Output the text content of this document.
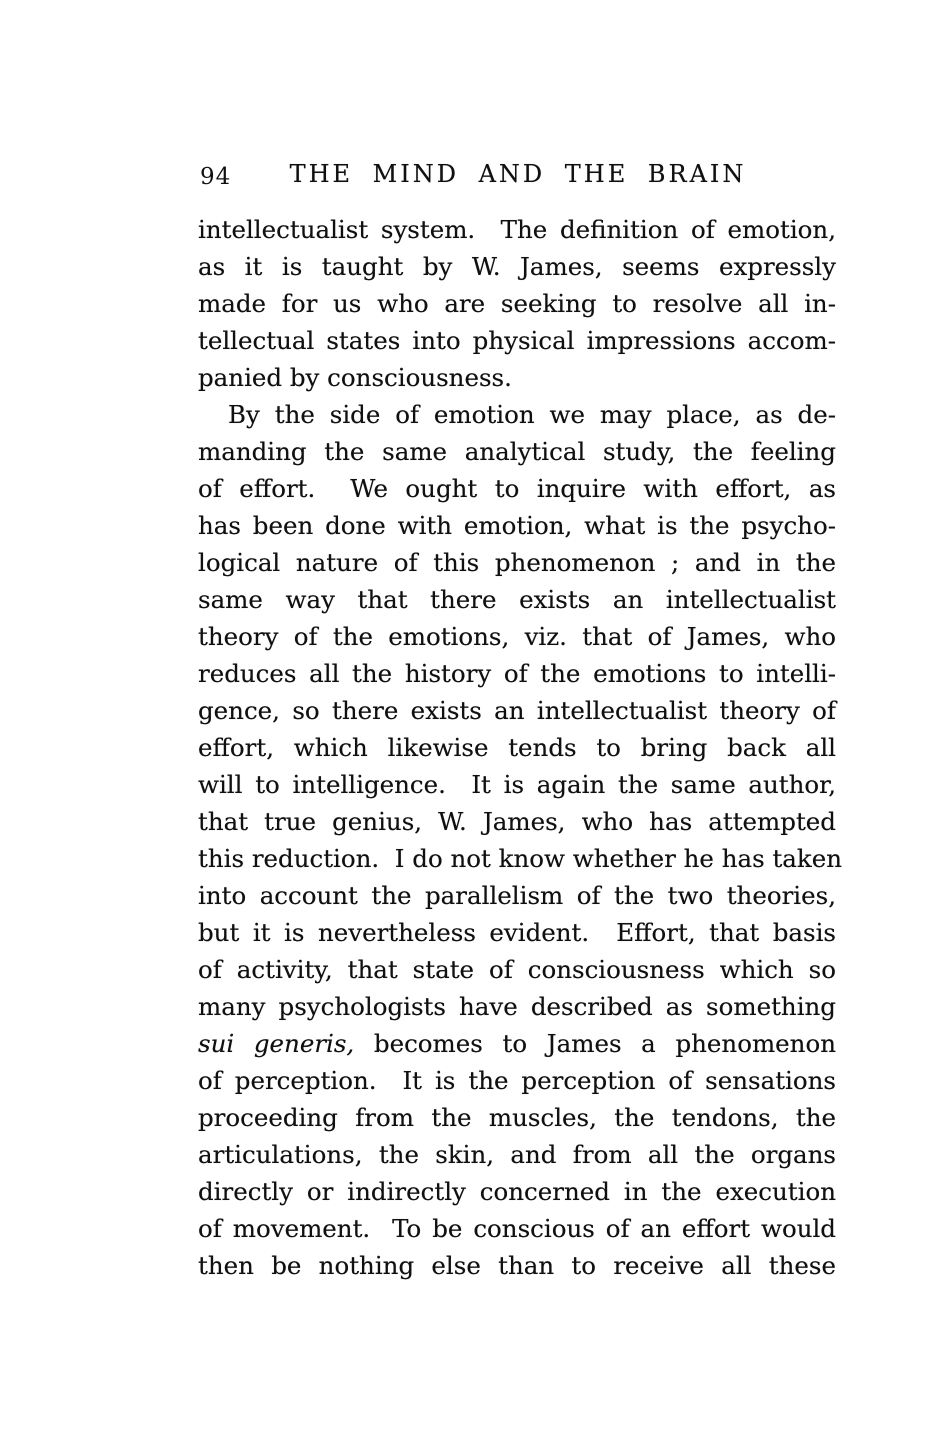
94	THE MIND AND THE BRAIN
intellectualist system.  The definition of emotion,
as it is taught by W. James, seems expressly
made for us who are seeking to resolve all in-
tellectual states into physical impressions accom-
panied by consciousness.
By the side of emotion we may place, as de-
manding the same analytical study, the feeling
of effort.  We ought to inquire with effort, as
has been done with emotion, what is the psycho-
logical nature of this phenomenon ; and in the
same way that there exists an intellectualist
theory of the emotions, viz. that of James, who
reduces all the history of the emotions to intelli-
gence, so there exists an intellectualist theory of
effort, which likewise tends to bring back all
will to intelligence.  It is again the same author,
that true genius, W. James, who has attempted
this reduction.  I do not know whether he has taken
into account the parallelism of the two theories,
but it is nevertheless evident.  Effort, that basis
of activity, that state of consciousness which so
many psychologists have described as something
sui generis, becomes to James a phenomenon
of perception.  It is the perception of sensations
proceeding from the muscles, the tendons, the
articulations, the skin, and from all the organs
directly or indirectly concerned in the execution
of movement.  To be conscious of an effort would
then be nothing else than to receive all these
